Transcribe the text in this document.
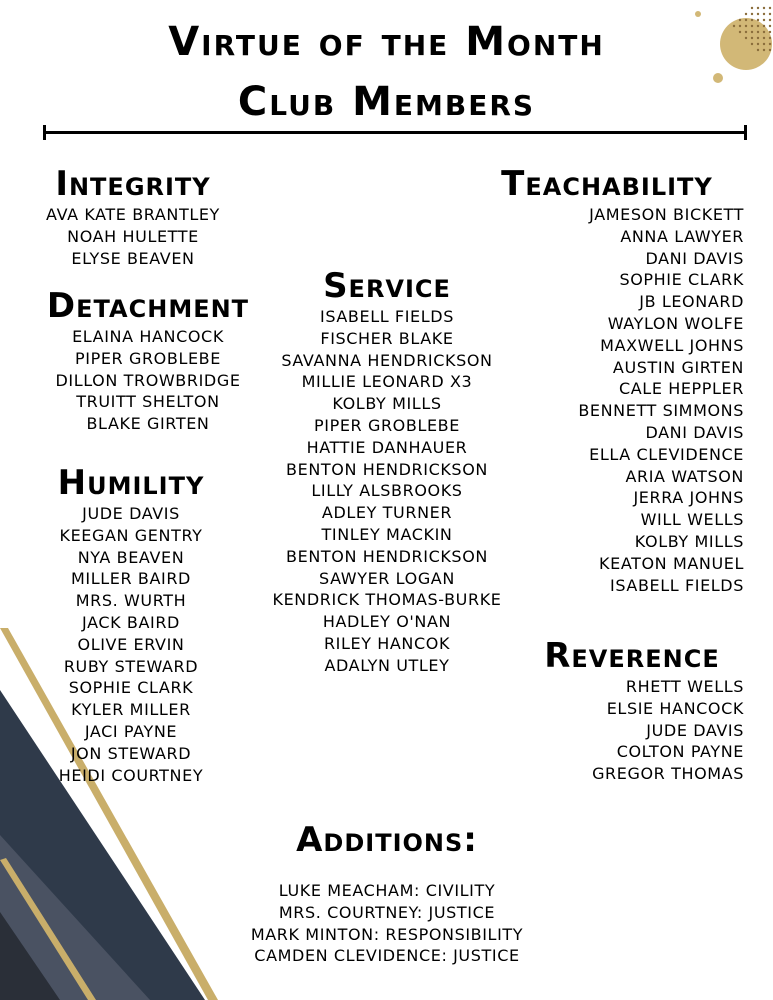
Virtue of the Month
Club Members
Integrity
AVA KATE BRANTLEY
NOAH HULETTE
ELYSE BEAVEN
Detachment
ELAINA HANCOCK
PIPER GROBLEBE
DILLON TROWBRIDGE
TRUITT SHELTON
BLAKE GIRTEN
Humility
JUDE DAVIS
KEEGAN GENTRY
NYA BEAVEN
MILLER BAIRD
MRS. WURTH
JACK BAIRD
OLIVE ERVIN
RUBY STEWARD
SOPHIE CLARK
KYLER MILLER
JACI PAYNE
JON STEWARD
HEIDI COURTNEY
Service
ISABELL FIELDS
FISCHER BLAKE
SAVANNA HENDRICKSON
MILLIE LEONARD X3
KOLBY MILLS
PIPER GROBLEBE
HATTIE DANHAUER
BENTON HENDRICKSON
LILLY ALSBROOKS
ADLEY TURNER
TINLEY MACKIN
BENTON HENDRICKSON
SAWYER LOGAN
KENDRICK THOMAS-BURKE
HADLEY O'NAN
RILEY HANCOK
ADALYN UTLEY
Teachability
JAMESON BICKETT
ANNA LAWYER
DANI DAVIS
SOPHIE CLARK
JB LEONARD
WAYLON WOLFE
MAXWELL JOHNS
AUSTIN GIRTEN
CALE HEPPLER
BENNETT SIMMONS
DANI DAVIS
ELLA CLEVIDENCE
ARIA WATSON
JERRA JOHNS
WILL WELLS
KOLBY MILLS
KEATON MANUEL
ISABELL FIELDS
Reverence
RHETT WELLS
ELSIE HANCOCK
JUDE DAVIS
COLTON PAYNE
GREGOR THOMAS
Additions:
LUKE MEACHAM: CIVILITY
MRS. COURTNEY: JUSTICE
MARK MINTON: RESPONSIBILITY
CAMDEN CLEVIDENCE: JUSTICE
